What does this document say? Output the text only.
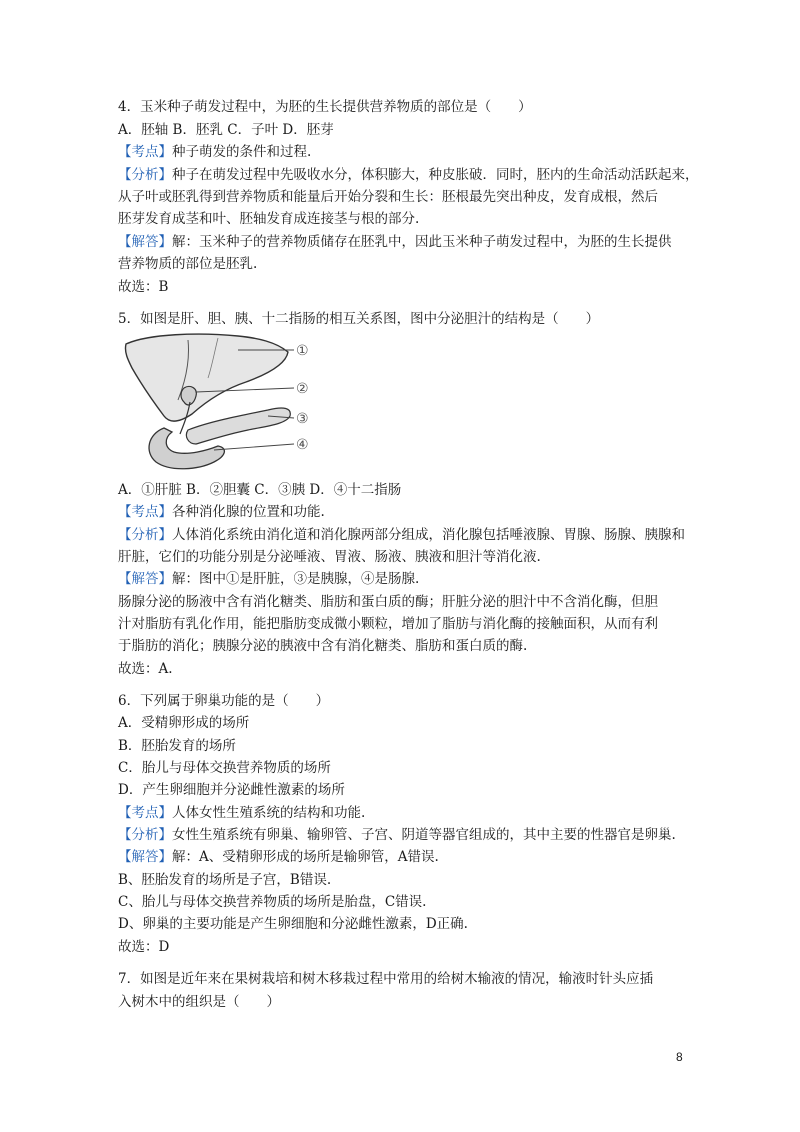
4．玉米种子萌发过程中，为胚的生长提供营养物质的部位是（　　）
A．胚轴 B．胚乳 C．子叶 D．胚芽
【考点】种子萌发的条件和过程.
【分析】种子在萌发过程中先吸收水分，体积膨大，种皮胀破．同时，胚内的生命活动活跃起来，
从子叶或胚乳得到营养物质和能量后开始分裂和生长：胚根最先突出种皮，发育成根，然后
胚芽发育成茎和叶、胚轴发育成连接茎与根的部分.
【解答】解：玉米种子的营养物质储存在胚乳中，因此玉米种子萌发过程中，为胚的生长提供
营养物质的部位是胚乳.
故选：B
5．如图是肝、胆、胰、十二指肠的相互关系图，图中分泌胆汁的结构是（　　）
①
②
③
④
A．①肝脏 B．②胆囊 C．③胰 D．④十二指肠
【考点】各种消化腺的位置和功能.
【分析】人体消化系统由消化道和消化腺两部分组成，消化腺包括唾液腺、胃腺、肠腺、胰腺和
肝脏，它们的功能分别是分泌唾液、胃液、肠液、胰液和胆汁等消化液.
【解答】解：图中①是肝脏，③是胰腺，④是肠腺.
肠腺分泌的肠液中含有消化糖类、脂肪和蛋白质的酶；肝脏分泌的胆汁中不含消化酶，但胆
汁对脂肪有乳化作用，能把脂肪变成微小颗粒，增加了脂肪与消化酶的接触面积，从而有利
于脂肪的消化；胰腺分泌的胰液中含有消化糖类、脂肪和蛋白质的酶.
故选：A.
6．下列属于卵巢功能的是（　　）
A．受精卵形成的场所
B．胚胎发育的场所
C．胎儿与母体交换营养物质的场所
D．产生卵细胞并分泌雌性激素的场所
【考点】人体女性生殖系统的结构和功能.
【分析】女性生殖系统有卵巢、输卵管、子宫、阴道等器官组成的，其中主要的性器官是卵巢.
【解答】解：A、受精卵形成的场所是输卵管，A错误.
B、胚胎发育的场所是子宫，B错误.
C、胎儿与母体交换营养物质的场所是胎盘，C错误.
D、卵巢的主要功能是产生卵细胞和分泌雌性激素，D正确.
故选：D
7．如图是近年来在果树栽培和树木移栽过程中常用的给树木输液的情况，输液时针头应插
入树木中的组织是（　　）
8
